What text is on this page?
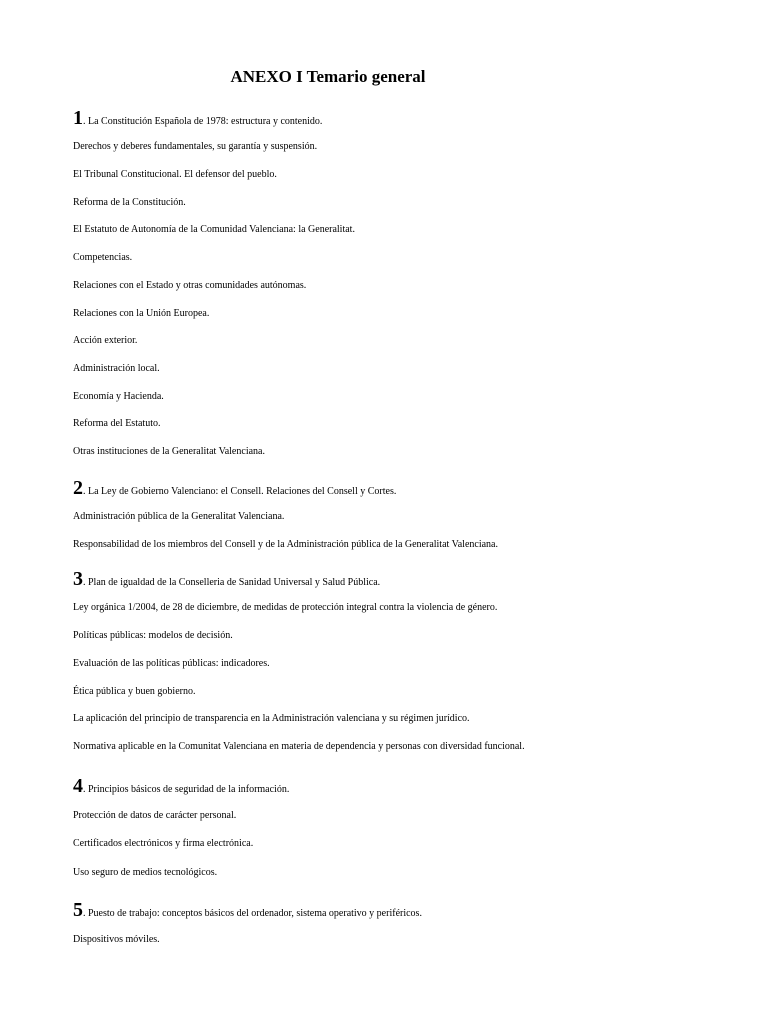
ANEXO I Temario general
1. La Constitución Española de 1978: estructura y contenido.
Derechos y deberes fundamentales, su garantía y suspensión.
El Tribunal Constitucional. El defensor del pueblo.
Reforma de la Constitución.
El Estatuto de Autonomía de la Comunidad Valenciana: la Generalitat.
Competencias.
Relaciones con el Estado y otras comunidades autónomas.
Relaciones con la Unión Europea.
Acción exterior.
Administración local.
Economía y Hacienda.
Reforma del Estatuto.
Otras instituciones de la Generalitat Valenciana.
2. La Ley de Gobierno Valenciano: el Consell. Relaciones del Consell y Cortes.
Administración pública de la Generalitat Valenciana.
Responsabilidad de los miembros del Consell y de la Administración pública de la Generalitat Valenciana.
3. Plan de igualdad de la Conselleria de Sanidad Universal y Salud Pública.
Ley orgánica 1/2004, de 28 de diciembre, de medidas de protección integral contra la violencia de género.
Políticas públicas: modelos de decisión.
Evaluación de las políticas públicas: indicadores.
Ética pública y buen gobierno.
La aplicación del principio de transparencia en la Administración valenciana y su régimen jurídico.
Normativa aplicable en la Comunitat Valenciana en materia de dependencia y personas con diversidad funcional.
4. Principios básicos de seguridad de la información.
Protección de datos de carácter personal.
Certificados electrónicos y firma electrónica.
Uso seguro de medios tecnológicos.
5. Puesto de trabajo: conceptos básicos del ordenador, sistema operativo y periféricos.
Dispositivos móviles.
